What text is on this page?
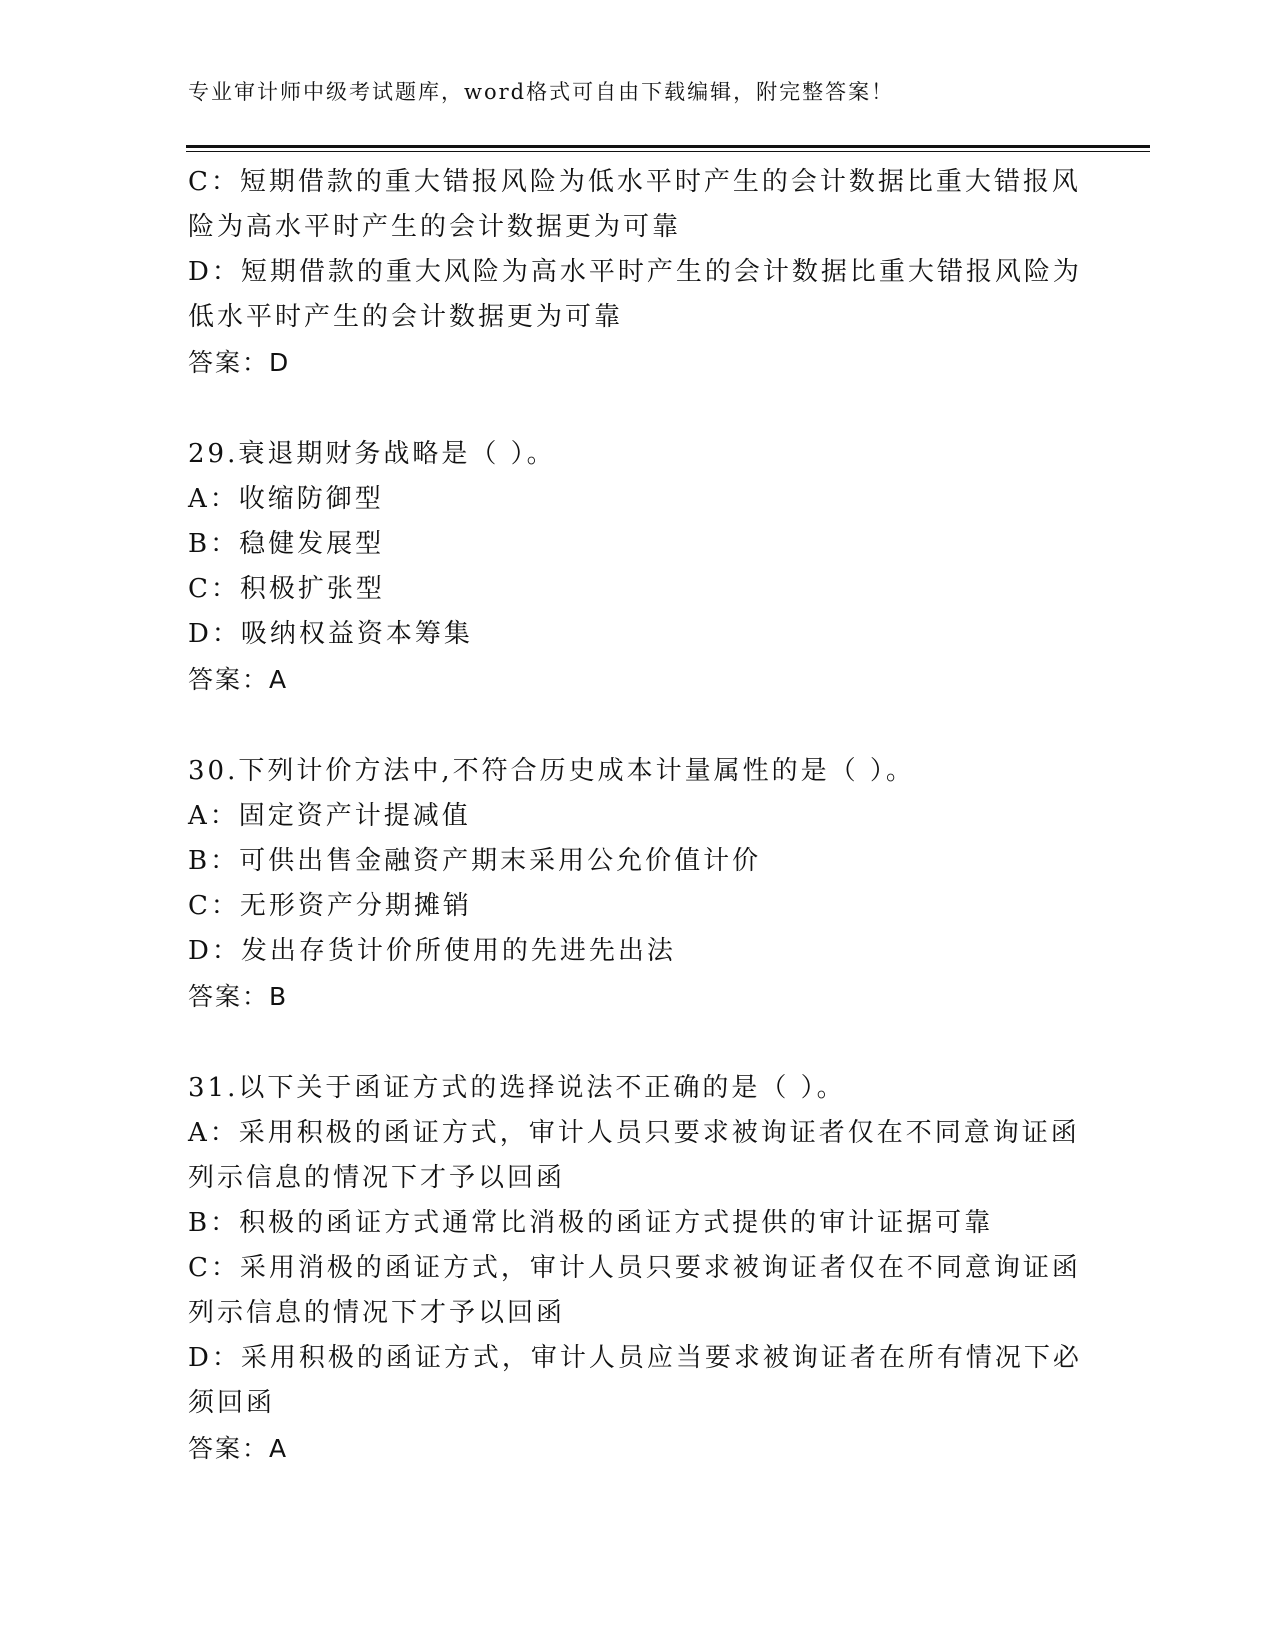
专业审计师中级考试题库，word格式可自由下载编辑，附完整答案！
C：短期借款的重大错报风险为低水平时产生的会计数据比重大错报风
险为高水平时产生的会计数据更为可靠
D：短期借款的重大风险为高水平时产生的会计数据比重大错报风险为
低水平时产生的会计数据更为可靠
答案：D
29.衰退期财务战略是（ ）。
A：收缩防御型
B：稳健发展型
C：积极扩张型
D：吸纳权益资本筹集
答案：A
30.下列计价方法中,不符合历史成本计量属性的是（ ）。
A：固定资产计提减值
B：可供出售金融资产期末采用公允价值计价
C：无形资产分期摊销
D：发出存货计价所使用的先进先出法
答案：B
31.以下关于函证方式的选择说法不正确的是（ ）。
A：采用积极的函证方式，审计人员只要求被询证者仅在不同意询证函
列示信息的情况下才予以回函
B：积极的函证方式通常比消极的函证方式提供的审计证据可靠
C：采用消极的函证方式，审计人员只要求被询证者仅在不同意询证函
列示信息的情况下才予以回函
D：采用积极的函证方式，审计人员应当要求被询证者在所有情况下必
须回函
答案：A
